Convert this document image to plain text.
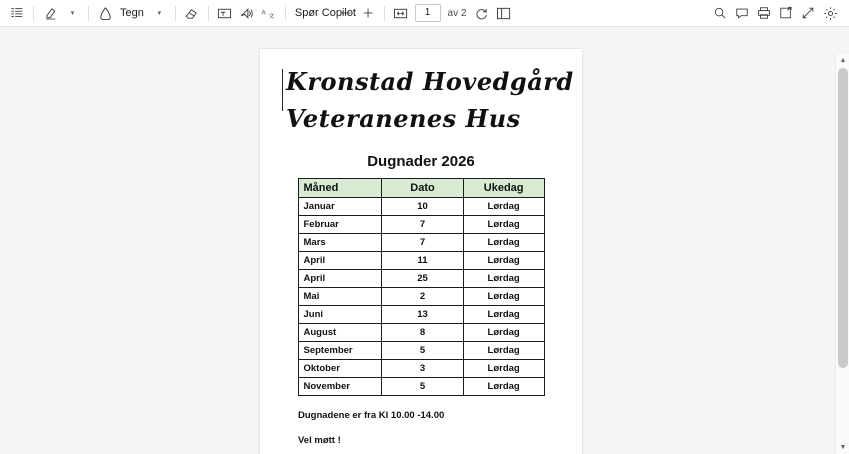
▾	Tegn	▾	A
文	Spør Copilot	1	av 2
Kronstad Hovedgård
Veteranenes Hus
Dugnader 2026
Måned	Dato	Ukedag
Januar	10	Lørdag
Februar	7	Lørdag
Mars	7	Lørdag
April	11	Lørdag
April	25	Lørdag
Mai	2	Lørdag
Juni	13	Lørdag
August	8	Lørdag
September	5	Lørdag
Oktober	3	Lørdag
November	5	Lørdag
Dugnadene er fra Kl 10.00 -14.00
Vel møtt !
▲
▼
